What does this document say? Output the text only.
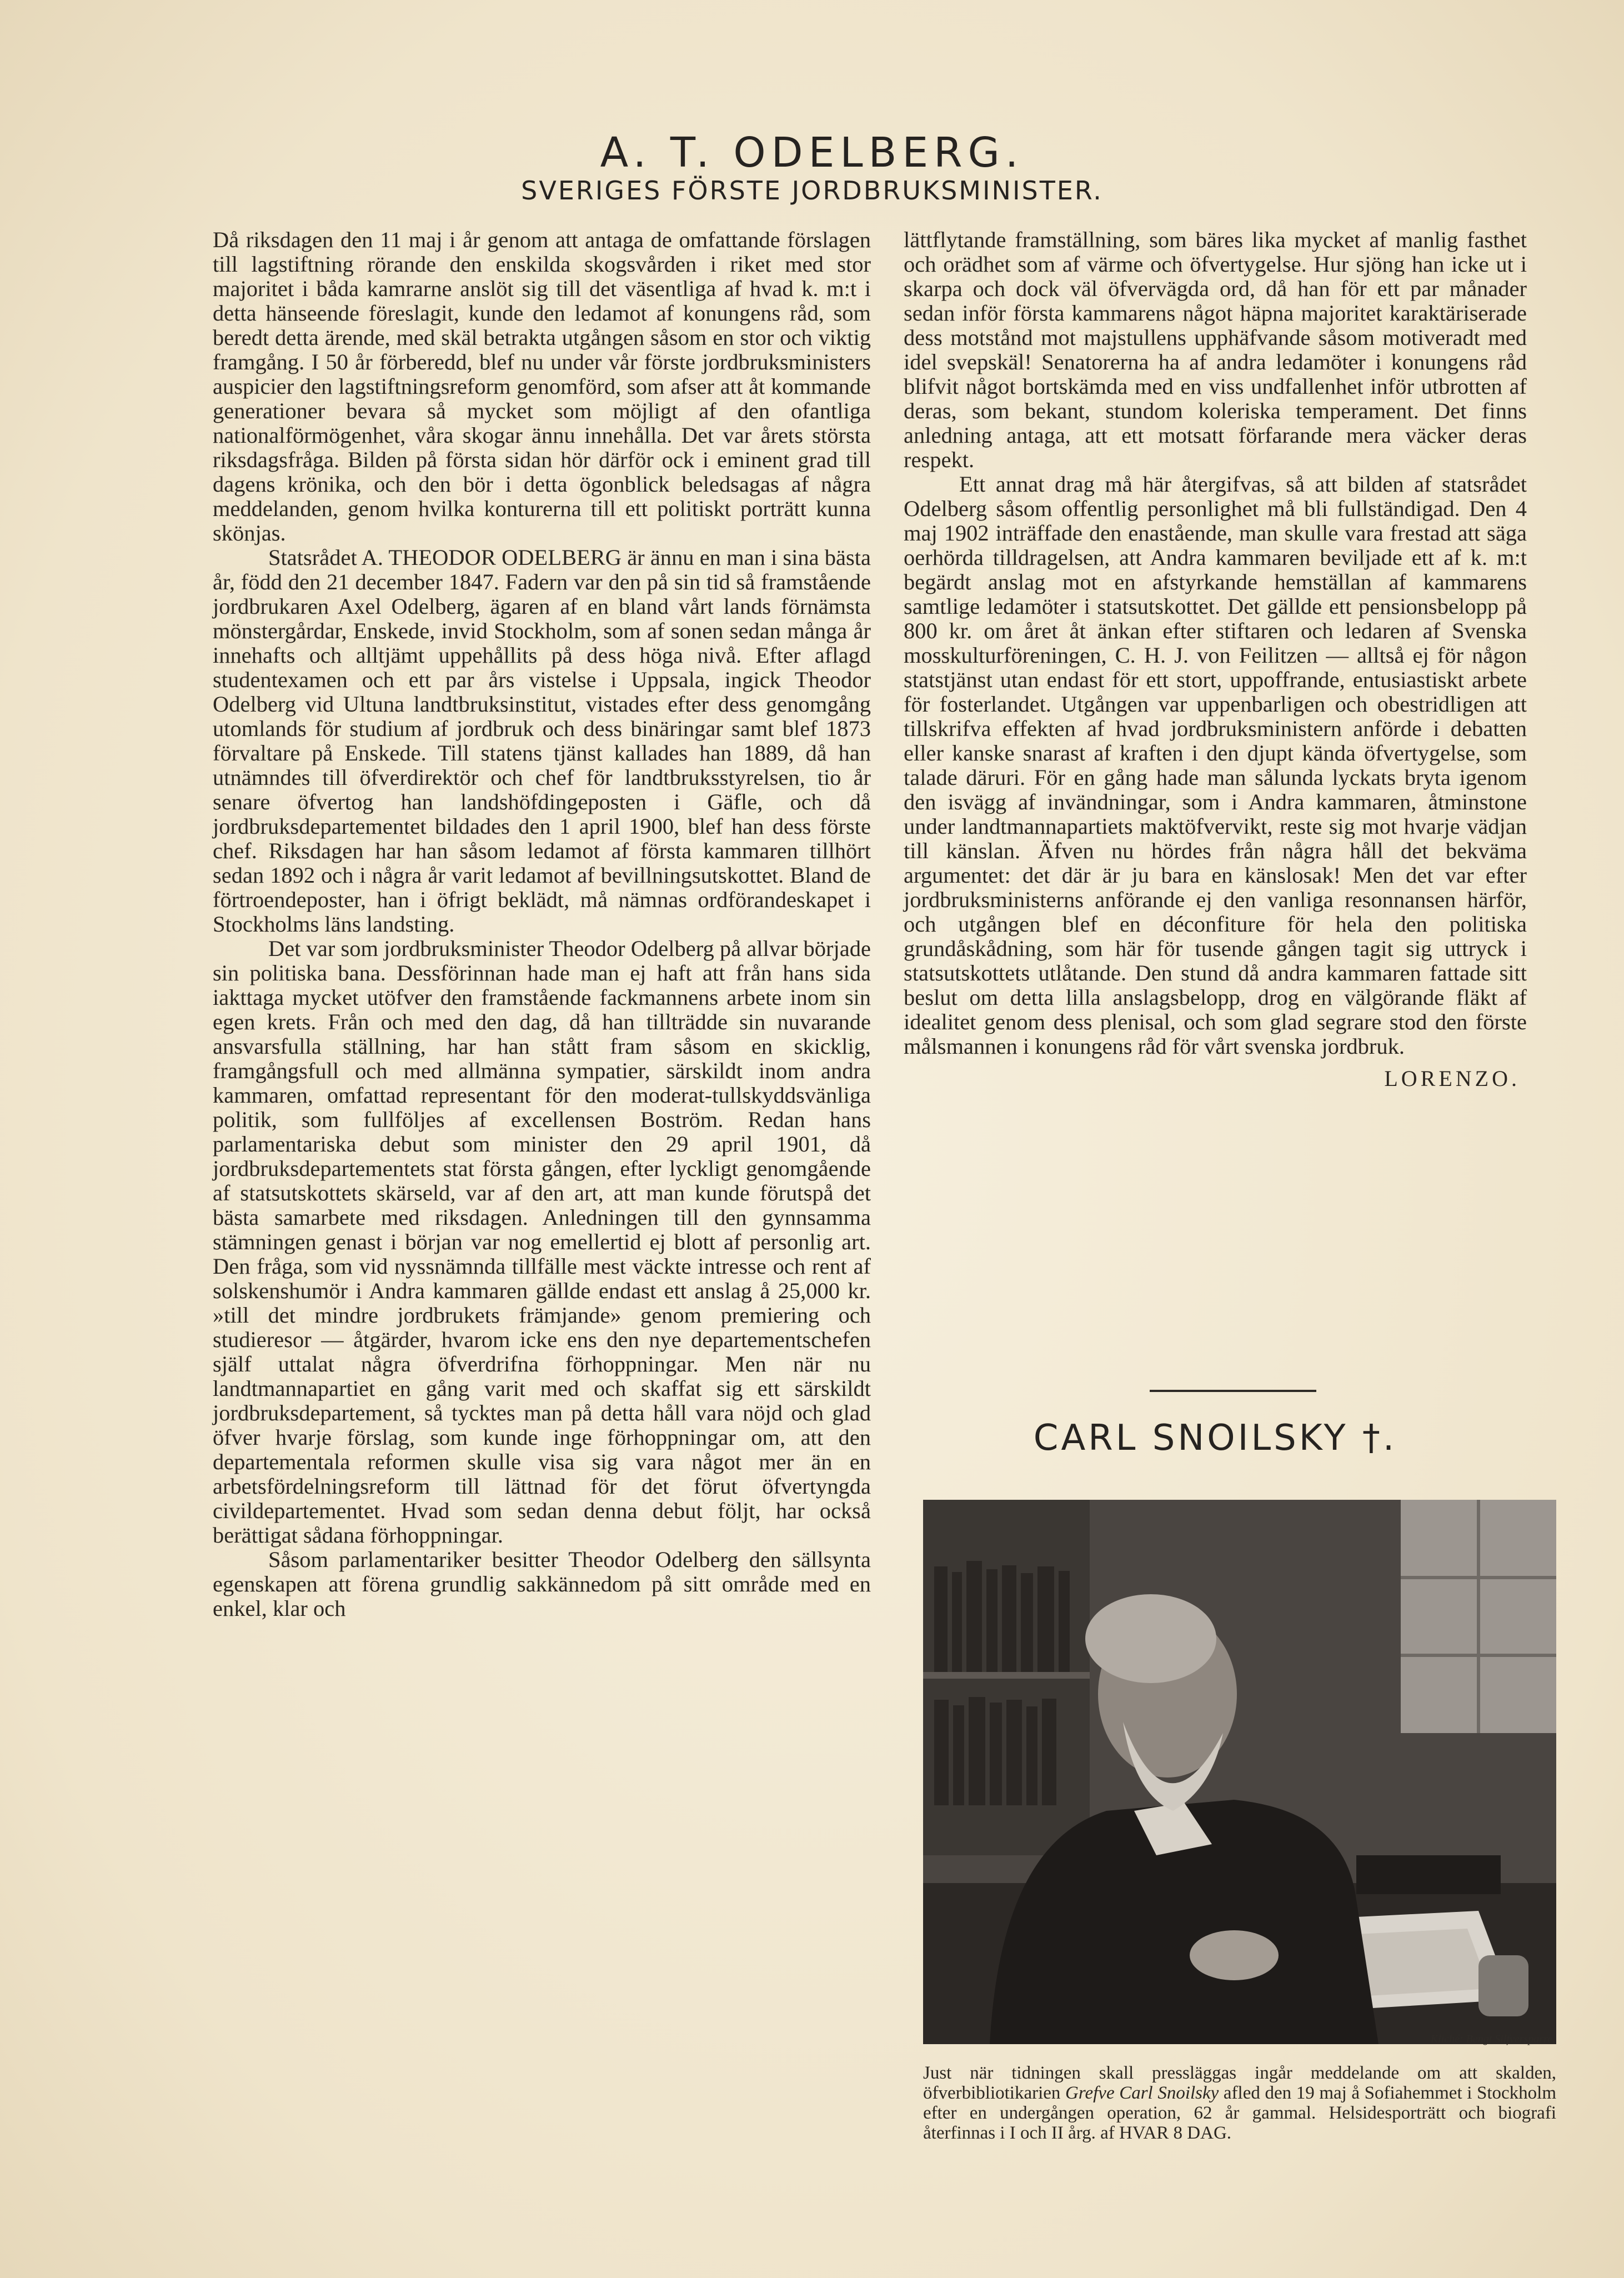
A. T. ODELBERG.
SVERIGES FÖRSTE JORDBRUKSMINISTER.

Då riksdagen den 11 maj i år genom att antaga de omfattande förslagen till lagstiftning rörande den enskilda skogsvården i riket med stor majoritet i båda kamrarne anslöt sig till det väsentliga af hvad k. m:t i detta hänseende föreslagit, kunde den ledamot af konungens råd, som beredt detta ärende, med skäl betrakta utgången såsom en stor och viktig framgång. I 50 år förberedd, blef nu under vår förste jordbruksministers auspicier den lagstiftningsreform genomförd, som afser att åt kommande generationer bevara så mycket som möjligt af den ofantliga nationalförmögenhet, våra skogar ännu innehålla. Det var årets största riksdagsfråga. Bilden på första sidan hör därför ock i eminent grad till dagens krönika, och den bör i detta ögonblick beledsagas af några meddelanden, genom hvilka konturerna till ett politiskt porträtt kunna skönjas.

Statsrådet A. THEODOR ODELBERG är ännu en man i sina bästa år, född den 21 december 1847. Fadern var den på sin tid så framstående jordbrukaren Axel Odelberg, ägaren af en bland vårt lands förnämsta mönstergårdar, Enskede, invid Stockholm, som af sonen sedan många år innehafts och alltjämt uppehållits på dess höga nivå. Efter aflagd studentexamen och ett par års vistelse i Uppsala, ingick Theodor Odelberg vid Ultuna landtbruksinstitut, vistades efter dess genomgång utomlands för studium af jordbruk och dess binäringar samt blef 1873 förvaltare på Enskede. Till statens tjänst kallades han 1889, då han utnämndes till öfverdirektör och chef för landtbruksstyrelsen, tio år senare öfvertog han landshöfdingeposten i Gäfle, och då jordbruksdepartementet bildades den 1 april 1900, blef han dess förste chef. Riksdagen har han såsom ledamot af första kammaren tillhört sedan 1892 och i några år varit ledamot af bevillningsutskottet. Bland de förtroendeposter, han i öfrigt beklädt, må nämnas ordförandeskapet i Stockholms läns landsting.

Det var som jordbruksminister Theodor Odelberg på allvar började sin politiska bana. Dessförinnan hade man ej haft att från hans sida iakttaga mycket utöfver den framstående fackmannens arbete inom sin egen krets. Från och med den dag, då han tillträdde sin nuvarande ansvarsfulla ställning, har han stått fram såsom en skicklig, framgångsfull och med allmänna sympatier, särskildt inom andra kammaren, omfattad representant för den moderat-tullskyddsvänliga politik, som fullföljes af excellensen Boström. Redan hans parlamentariska debut som minister den 29 april 1901, då jordbruksdepartementets stat första gången, efter lyckligt genomgående af statsutskottets skärseld, var af den art, att man kunde förutspå det bästa samarbete med riksdagen. Anledningen till den gynnsamma stämningen genast i början var nog emellertid ej blott af personlig art. Den fråga, som vid nyssnämnda tillfälle mest väckte intresse och rent af solskenshumör i Andra kammaren gällde endast ett anslag å 25,000 kr. »till det mindre jordbrukets främjande» genom premiering och studieresor — åtgärder, hvarom icke ens den nye departementschefen själf uttalat några öfverdrifna förhoppningar. Men när nu landtmannapartiet en gång varit med och skaffat sig ett särskildt jordbruksdepartement, så tycktes man på detta håll vara nöjd och glad öfver hvarje förslag, som kunde inge förhoppningar om, att den departementala reformen skulle visa sig vara något mer än en arbetsfördelningsreform till lättnad för det förut öfvertyngda civildepartementet. Hvad som sedan denna debut följt, har också berättigat sådana förhoppningar.

Såsom parlamentariker besitter Theodor Odelberg den sällsynta egenskapen att förena grundlig sakkännedom på sitt område med en enkel, klar och

lättflytande framställning, som bäres lika mycket af manlig fasthet och orädhet som af värme och öfvertygelse. Hur sjöng han icke ut i skarpa och dock väl öfvervägda ord, då han för ett par månader sedan inför första kammarens något häpna majoritet karaktäriserade dess motstånd mot majstullens upphäfvande såsom motiveradt med idel svepskäl! Senatorerna ha af andra ledamöter i konungens råd blifvit något bortskämda med en viss undfallenhet inför utbrotten af deras, som bekant, stundom koleriska temperament. Det finns anledning antaga, att ett motsatt förfarande mera väcker deras respekt.

Ett annat drag må här återgifvas, så att bilden af statsrådet Odelberg såsom offentlig personlighet må bli fullständigad. Den 4 maj 1902 inträffade den enastående, man skulle vara frestad att säga oerhörda tilldragelsen, att Andra kammaren beviljade ett af k. m:t begärdt anslag mot en afstyrkande hemställan af kammarens samtlige ledamöter i statsutskottet. Det gällde ett pensionsbelopp på 800 kr. om året åt änkan efter stiftaren och ledaren af Svenska mosskulturföreningen, C. H. J. von Feilitzen — alltså ej för någon statstjänst utan endast för ett stort, uppoffrande, entusiastiskt arbete för fosterlandet. Utgången var uppenbarligen och obestridligen att tillskrifva effekten af hvad jordbruksministern anförde i debatten eller kanske snarast af kraften i den djupt kända öfvertygelse, som talade däruri. För en gång hade man sålunda lyckats bryta igenom den isvägg af invändningar, som i Andra kammaren, åtminstone under landtmannapartiets maktöfvervikt, reste sig mot hvarje vädjan till känslan. Äfven nu hördes från några håll det bekväma argumentet: det där är ju bara en känslosak! Men det var efter jordbruksministerns anförande ej den vanliga resonnansen härför, och utgången blef en déconfiture för hela den politiska grundåskådning, som här för tusende gången tagit sig uttryck i statsutskottets utlåtande. Den stund då andra kammaren fattade sitt beslut om detta lilla anslagsbelopp, drog en välgörande fläkt af idealitet genom dess plenisal, och som glad segrare stod den förste målsmannen i konungens råd för vårt svenska jordbruk.

LORENZO.
CARL SNOILSKY †.
Kliché: Bengt Silfversparre.
Just när tidningen skall pressläggas ingår meddelande om att skalden, öfverbibliotikarien Grefve Carl Snoilsky afled den 19 maj å Sofiahemmet i Stockholm efter en undergången operation, 62 år gammal. Helsidesporträtt och biografi återfinnas i I och II årg. af HVAR 8 DAG.
